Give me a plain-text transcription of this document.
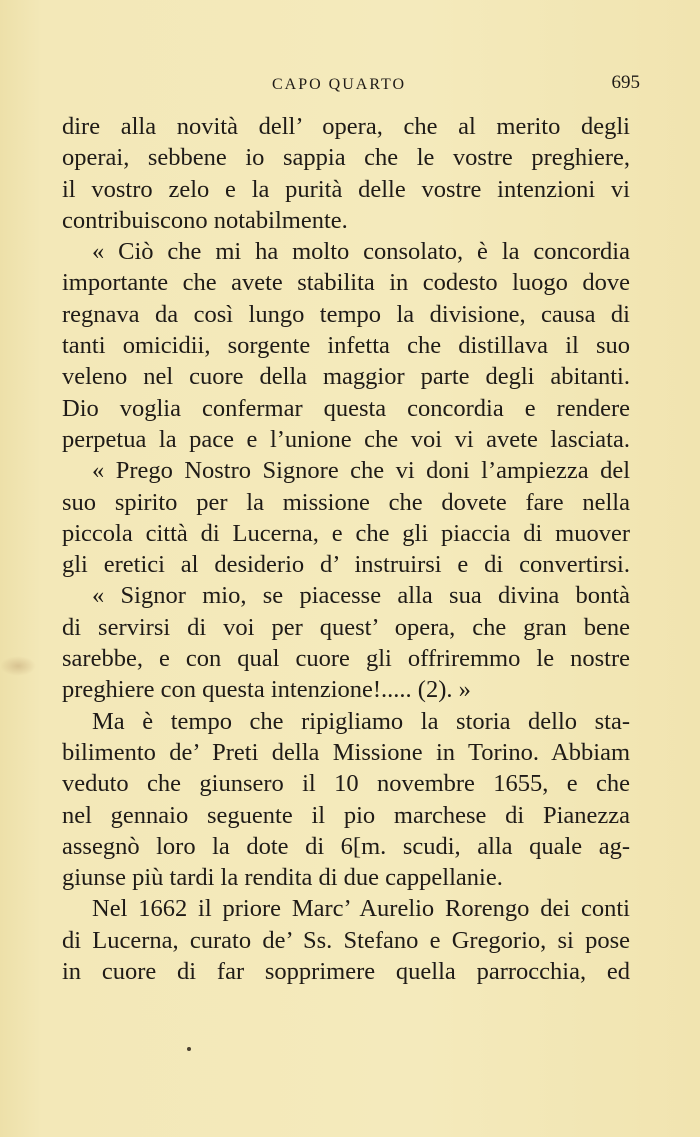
CAPO QUARTO	695
dire alla novità dell’ opera, che al merito degli
operai, sebbene io sappia che le vostre preghiere,
il vostro zelo e la purità delle vostre intenzioni vi
contribuiscono notabilmente.
« Ciò che mi ha molto consolato, è la concordia
importante che avete stabilita in codesto luogo dove
regnava da così lungo tempo la divisione, causa di
tanti omicidii, sorgente infetta che distillava il suo
veleno nel cuore della maggior parte degli abitanti.
Dio voglia confermar questa concordia e rendere
perpetua la pace e l’unione che voi vi avete lasciata.
« Prego Nostro Signore che vi doni l’ampiezza del
suo spirito per la missione che dovete fare nella
piccola città di Lucerna, e che gli piaccia di muover
gli eretici al desiderio d’ instruirsi e di convertirsi.
« Signor mio, se piacesse alla sua divina bontà
di servirsi di voi per quest’ opera, che gran bene
sarebbe, e con qual cuore gli offriremmo le nostre
preghiere con questa intenzione!..... (2). »
Ma è tempo che ripigliamo la storia dello sta-
bilimento de’ Preti della Missione in Torino. Abbiam
veduto che giunsero il 10 novembre 1655, e che
nel gennaio seguente il pio marchese di Pianezza
assegnò loro la dote di 6[m. scudi, alla quale ag-
giunse più tardi la rendita di due cappellanie.
Nel 1662 il priore Marc’ Aurelio Rorengo dei conti
di Lucerna, curato de’ Ss. Stefano e Gregorio, si pose
in cuore di far sopprimere quella parrocchia, ed
